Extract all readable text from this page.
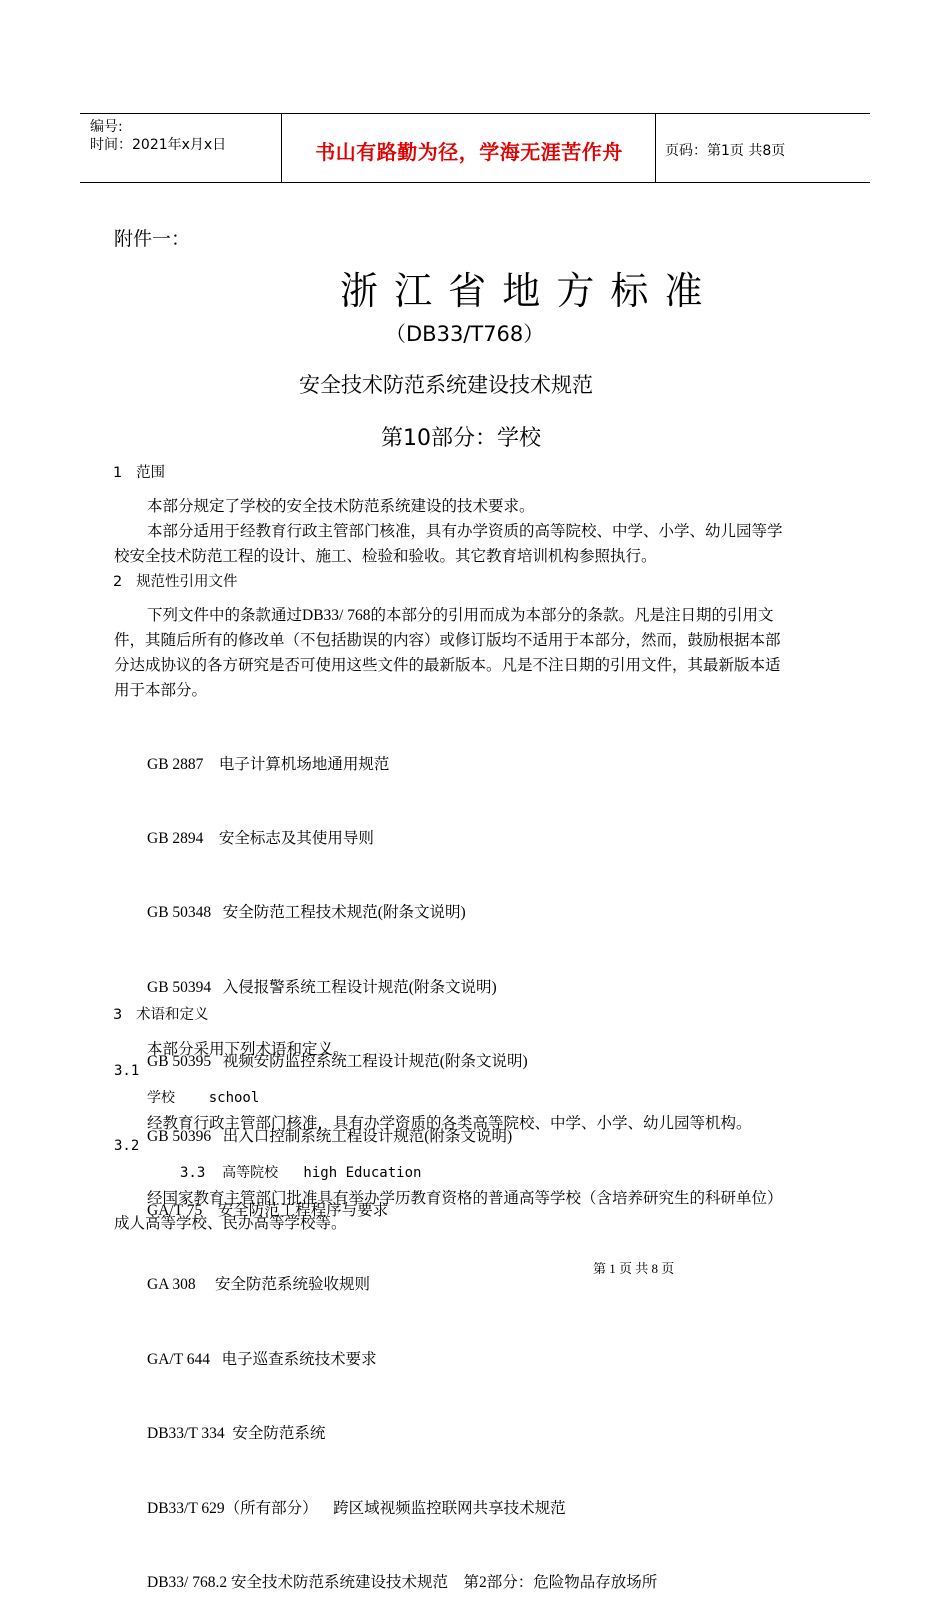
编号:
时间：2021年x月x日	书山有路勤为径，学海无涯苦作舟	页码：第1页 共8页
附件一：
浙 江 省 地 方 标 准
（DB33/T768）
安全技术防范系统建设技术规范
第10部分：学校
1 范围
本部分规定了学校的安全技术防范系统建设的技术要求。
本部分适用于经教育行政主管部门核准，具有办学资质的高等院校、中学、小学、幼儿园等学
校安全技术防范工程的设计、施工、检验和验收。其它教育培训机构参照执行。
2 规范性引用文件
下列文件中的条款通过DB33/ 768的本部分的引用而成为本部分的条款。凡是注日期的引用文
件，其随后所有的修改单（不包括勘误的内容）或修订版均不适用于本部分，然而，鼓励根据本部
分达成协议的各方研究是否可使用这些文件的最新版本。凡是不注日期的引用文件，其最新版本适
用于本部分。

GB 2887    电子计算机场地通用规范

GB 2894    安全标志及其使用导则

GB 50348   安全防范工程技术规范(附条文说明)

GB 50394   入侵报警系统工程设计规范(附条文说明)

GB 50395   视频安防监控系统工程设计规范(附条文说明)

GB 50396   出入口控制系统工程设计规范(附条文说明)

GA/T 75    安全防范工程程序与要求

GA 308     安全防范系统验收规则

GA/T 644   电子巡查系统技术要求

DB33/T 334  安全防范系统

DB33/T 629（所有部分）    跨区域视频监控联网共享技术规范

DB33/ 768.2 安全技术防范系统建设技术规范    第2部分：危险物品存放场所

3 术语和定义
本部分采用下列术语和定义。
3.1
学校    school
经教育行政主管部门核准，具有办学资质的各类高等院校、中学、小学、幼儿园等机构。
3.2
3.3  高等院校   high Education
经国家教育主管部门批准具有举办学历教育资格的普通高等学校（含培养研究生的科研单位）
成人高等学校、民办高等学校等。
第 1 页 共 8 页
